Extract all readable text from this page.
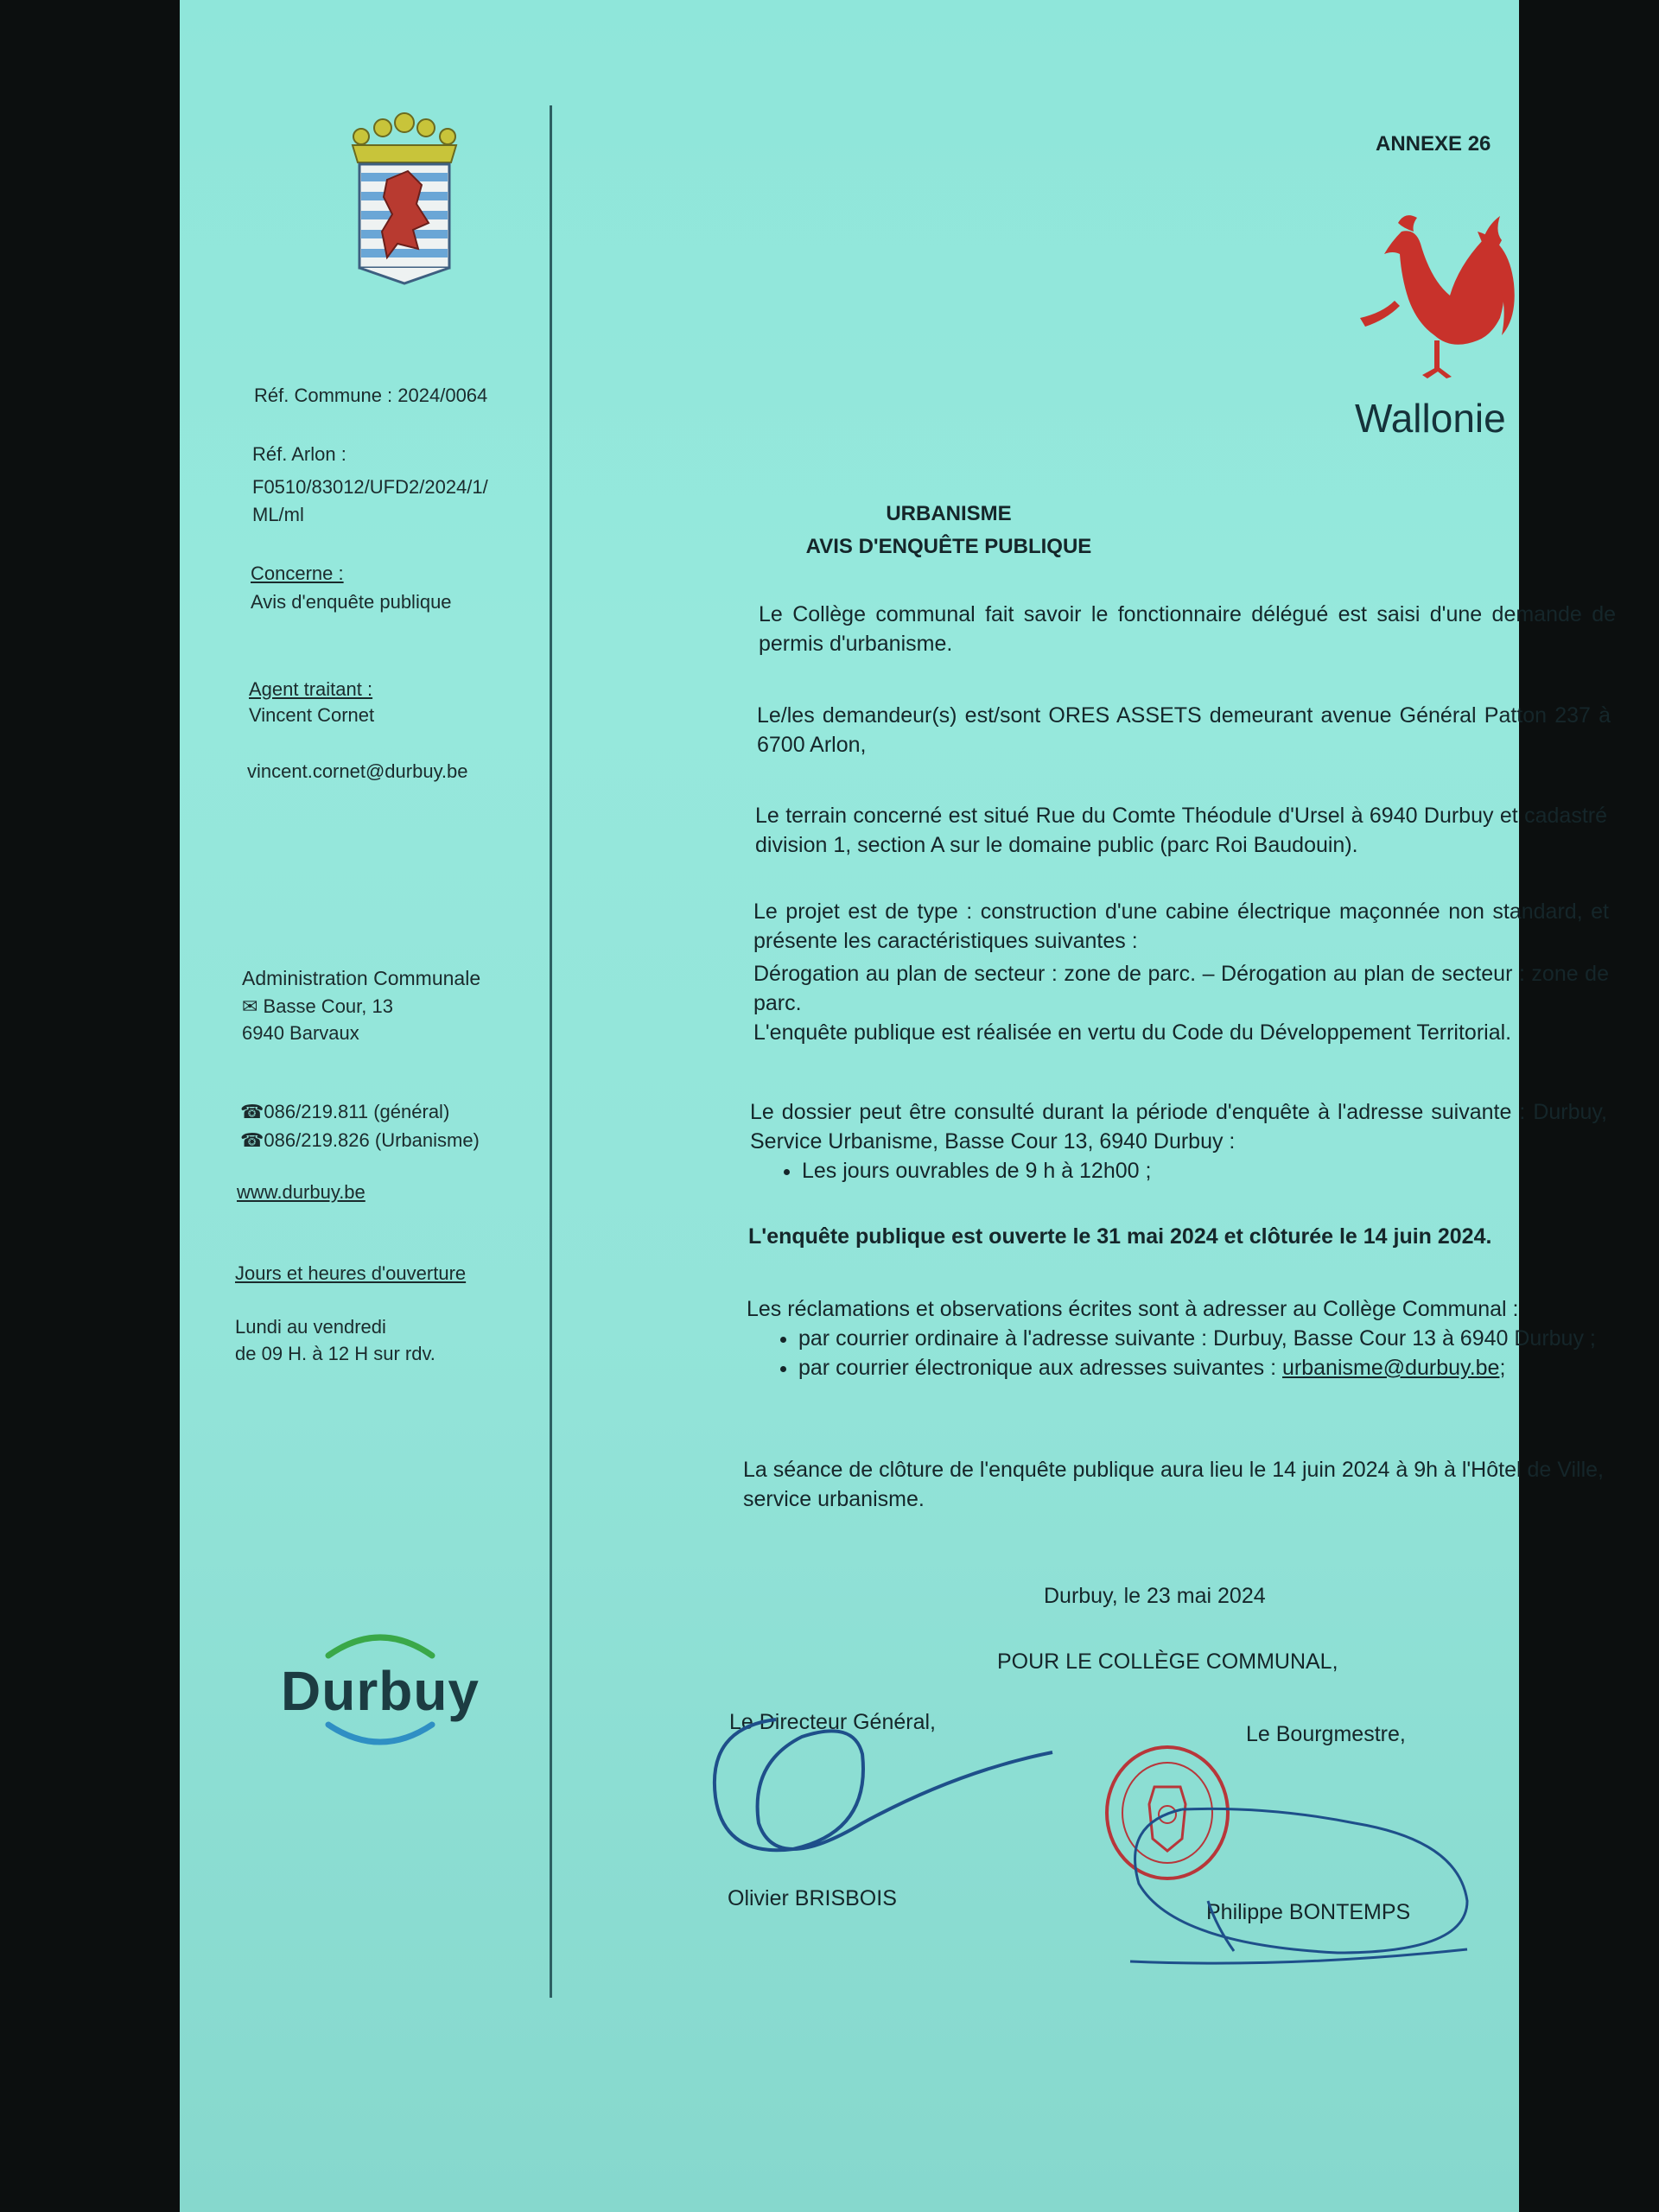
Réf. Commune : 2024/0064
Réf. Arlon :
F0510/83012/UFD2/2024/1/
ML/ml
Concerne :
Avis d'enquête publique
Agent traitant :
Vincent Cornet
vincent.cornet@durbuy.be
Administration Communale
✉ Basse Cour, 13
6940 Barvaux
☎086/219.811 (général)
☎086/219.826 (Urbanisme)
www.durbuy.be
Jours et heures d'ouverture
Lundi au vendredi
de 09 H. à 12 H sur rdv.
Durbuy
ANNEXE 26
Wallonie
URBANISME
AVIS D'ENQUÊTE PUBLIQUE
Le Collège communal fait savoir le fonctionnaire délégué est saisi d'une demande de permis d'urbanisme.
Le/les demandeur(s) est/sont ORES ASSETS demeurant avenue Général Patton 237 à 6700 Arlon,
Le terrain concerné est situé Rue du Comte Théodule d'Ursel à 6940 Durbuy et cadastré division 1, section A sur le domaine public (parc Roi Baudouin).
Le projet est de type : construction d'une cabine électrique maçonnée non standard, et présente les caractéristiques suivantes :
Dérogation au plan de secteur : zone de parc. – Dérogation au plan de secteur : zone de parc.
L'enquête publique est réalisée en vertu du Code du Développement Territorial.
Le dossier peut être consulté durant la période d'enquête à l'adresse suivante : Durbuy, Service Urbanisme, Basse Cour 13, 6940 Durbuy :
• Les jours ouvrables de 9 h à 12h00 ;
L'enquête publique est ouverte le 31 mai 2024 et clôturée le 14 juin 2024.
Les réclamations et observations écrites sont à adresser au Collège Communal :
• par courrier ordinaire à l'adresse suivante : Durbuy, Basse Cour 13 à 6940 Durbuy ;
• par courrier électronique aux adresses suivantes : urbanisme@durbuy.be;
La séance de clôture de l'enquête publique aura lieu le 14 juin 2024 à 9h à l'Hôtel de Ville, service urbanisme.
Durbuy, le 23 mai 2024
POUR LE COLLÈGE COMMUNAL,
Le Directeur Général,	Le Bourgmestre,
Olivier BRISBOIS
Philippe BONTEMPS
